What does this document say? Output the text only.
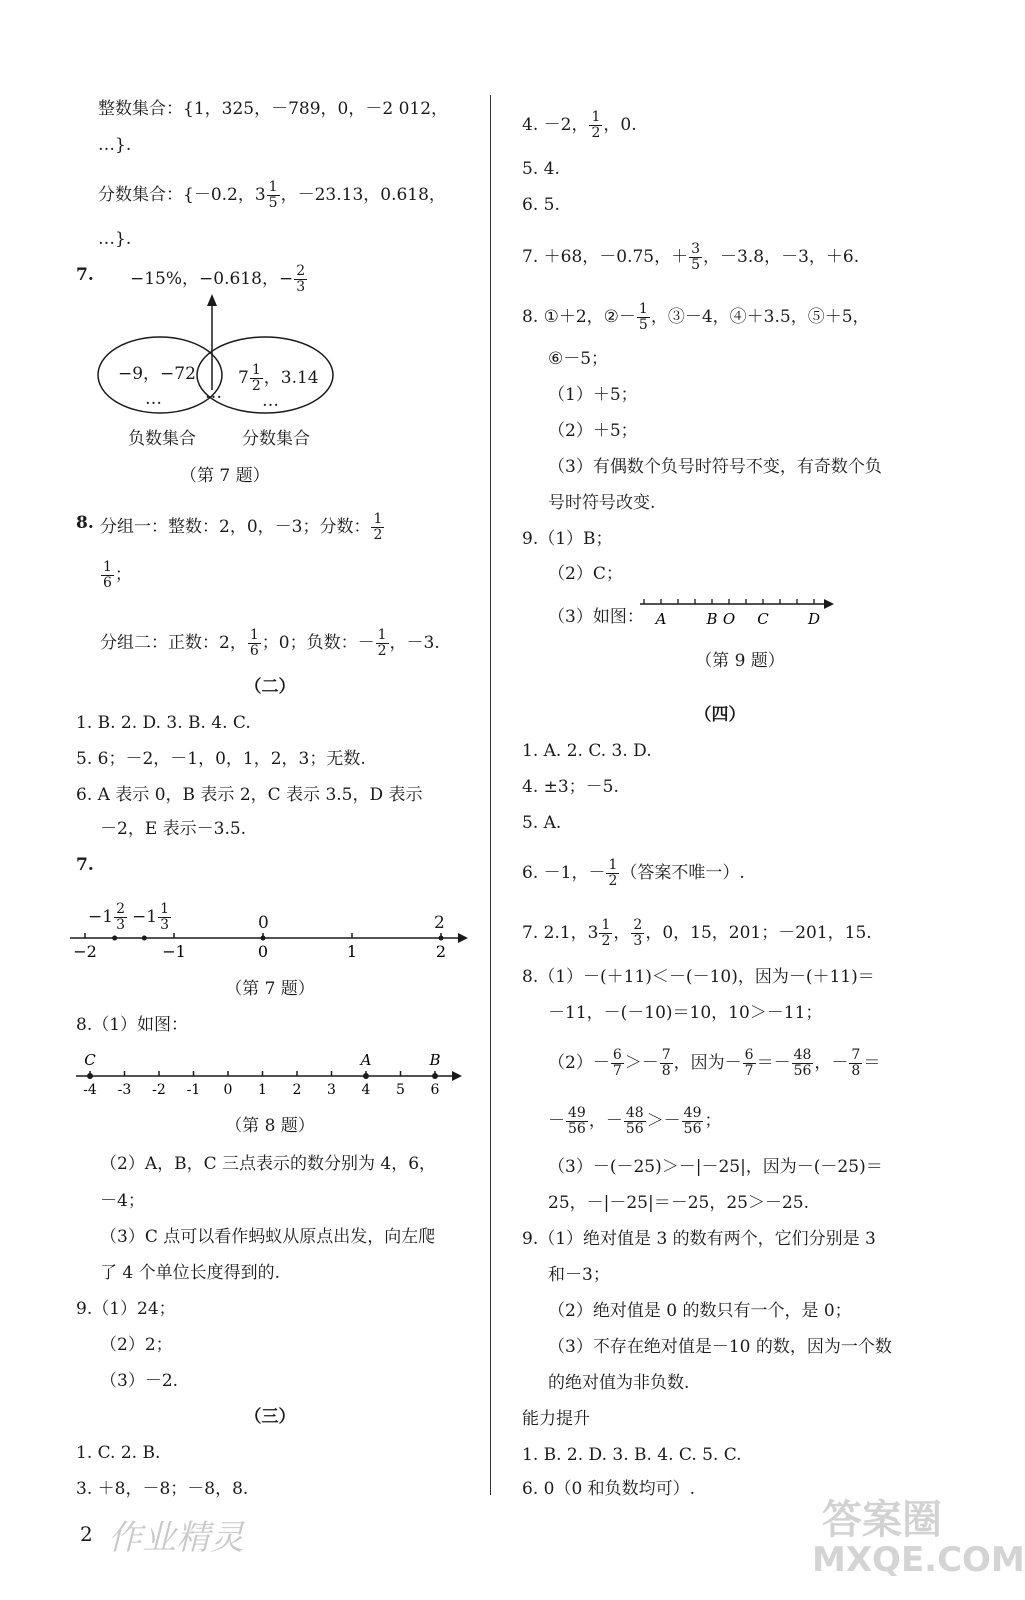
整数集合：{1，325，－789，0，－2 012，
…}.
分数集合：{－0.2，$3 \frac{1}{5}$ ，－23.13，0.618，
…}.
7. −15%，−0.618，− $\frac{2}{3}$
−9，−72
…	…
$7 \frac{1}{2}$ ，3.14
…
负数集合	分数集合
（第 7 题）
8. 分组一：整数：2，0，－3；分数： $\frac{1}{2}$
$\frac{1}{6}$ ；
分组二：正数：2， $\frac{1}{6}$ ；0；负数：－ $\frac{1}{2}$ ，－3.
（二）
1. B. 2. D. 3. B. 4. C.
5. 6；－2，－1，0，1，2，3；无数.
6. A 表示 0，B 表示 2，C 表示 3.5，D 表示
－2，E 表示－3.5.
7.
$-1 \frac{2}{3} -1 \frac{1}{3}$	0	2
−2	−1	0	1	2
（第 7 题）
8.（1）如图：
-4 -3 -2 -1 0 1 2 3 4 5 6
C	A	B
（第 8 题）
（2）A，B，C 三点表示的数分别为 4，6，
－4；
（3）C 点可以看作蚂蚁从原点出发，向左爬
了 4 个单位长度得到的.
9.（1）24；
（2）2；
（3）－2.
（三）
1. C. 2. B.
3. ＋8，－8；－8，8.
4. －2， $\frac{1}{2}$ ，0.
5. 4.
6. 5.
7. ＋68，－0.75，＋ $\frac{3}{5}$ ，－3.8，－3，＋6.
8. ①＋2，②－ $\frac{1}{5}$ ，③－4，④＋3.5，⑤＋5，
⑥－5；
（1）＋5；
（2）＋5；
（3）有偶数个负号时符号不变，有奇数个负
号时符号改变.
9.（1）B；
（2）C；
（3）如图： A	B O C	D
（第 9 题）
（四）
1. A. 2. C. 3. D.
4. ±3；－5.
5. A.
6. －1，－ $\frac{1}{2}$ （答案不唯一）.
7. 2.1，$3 \frac{1}{2}$ ， $\frac{2}{3}$ ，0，15，201；－201，15.
8.（1）－(＋11)＜－(－10)，因为－(＋11)＝
－11，－(－10)＝10，10＞－11；
$(2)- \frac{6}{7} >- \frac{7}{8}$ ，因为－ $\frac{6}{7} =- \frac{48}{56}$ ，－ $\frac{7}{8}$ ＝
－ $\frac{49}{56}$ ，－ $\frac{48}{56} >- \frac{49}{56}$ ；
（3）－(－25)＞－|－25|，因为－(－25)＝
25，－|－25|＝－25，25＞－25.
9.（1）绝对值是 3 的数有两个，它们分别是 3
和－3；
（2）绝对值是 0 的数只有一个，是 0；
（3）不存在绝对值是－10 的数，因为一个数
的绝对值为非负数.
能力提升
1. B. 2. D. 3. B. 4. C. 5. C.
6. 0（0 和负数均可）.
2 作业精灵	答案圈
MXQE.COM
